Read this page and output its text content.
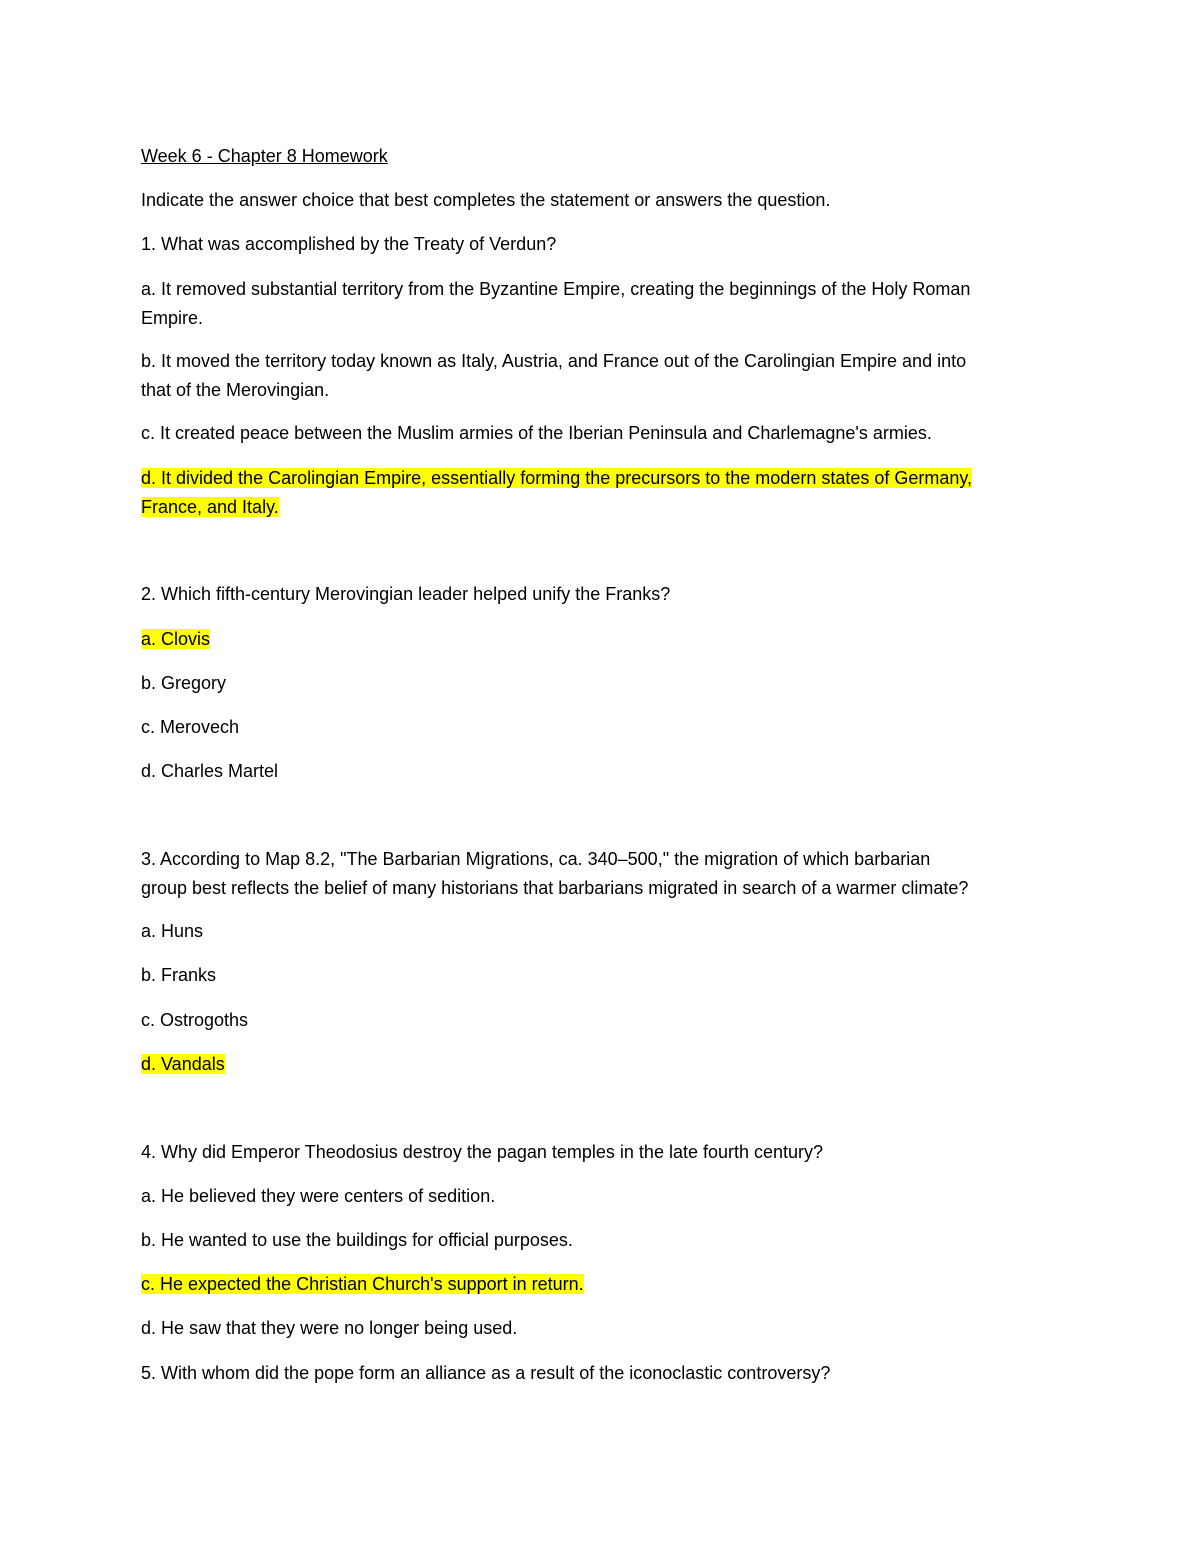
Week 6 - Chapter 8 Homework
Indicate the answer choice that best completes the statement or answers the question.
1. What was accomplished by the Treaty of Verdun?
a. It removed substantial territory from the Byzantine Empire, creating the beginnings of the Holy Roman
Empire.
b. It moved the territory today known as Italy, Austria, and France out of the Carolingian Empire and into
that of the Merovingian.
c. It created peace between the Muslim armies of the Iberian Peninsula and Charlemagne's armies.
d. It divided the Carolingian Empire, essentially forming the precursors to the modern states of Germany,
France, and Italy.
2. Which fifth-century Merovingian leader helped unify the Franks?
a. Clovis
b. Gregory
c. Merovech
d. Charles Martel
3. According to Map 8.2, "The Barbarian Migrations, ca. 340–500," the migration of which barbarian
group best reflects the belief of many historians that barbarians migrated in search of a warmer climate?
a. Huns
b. Franks
c. Ostrogoths
d. Vandals
4. Why did Emperor Theodosius destroy the pagan temples in the late fourth century?
a. He believed they were centers of sedition.
b. He wanted to use the buildings for official purposes.
c. He expected the Christian Church's support in return.
d. He saw that they were no longer being used.
5. With whom did the pope form an alliance as a result of the iconoclastic controversy?
